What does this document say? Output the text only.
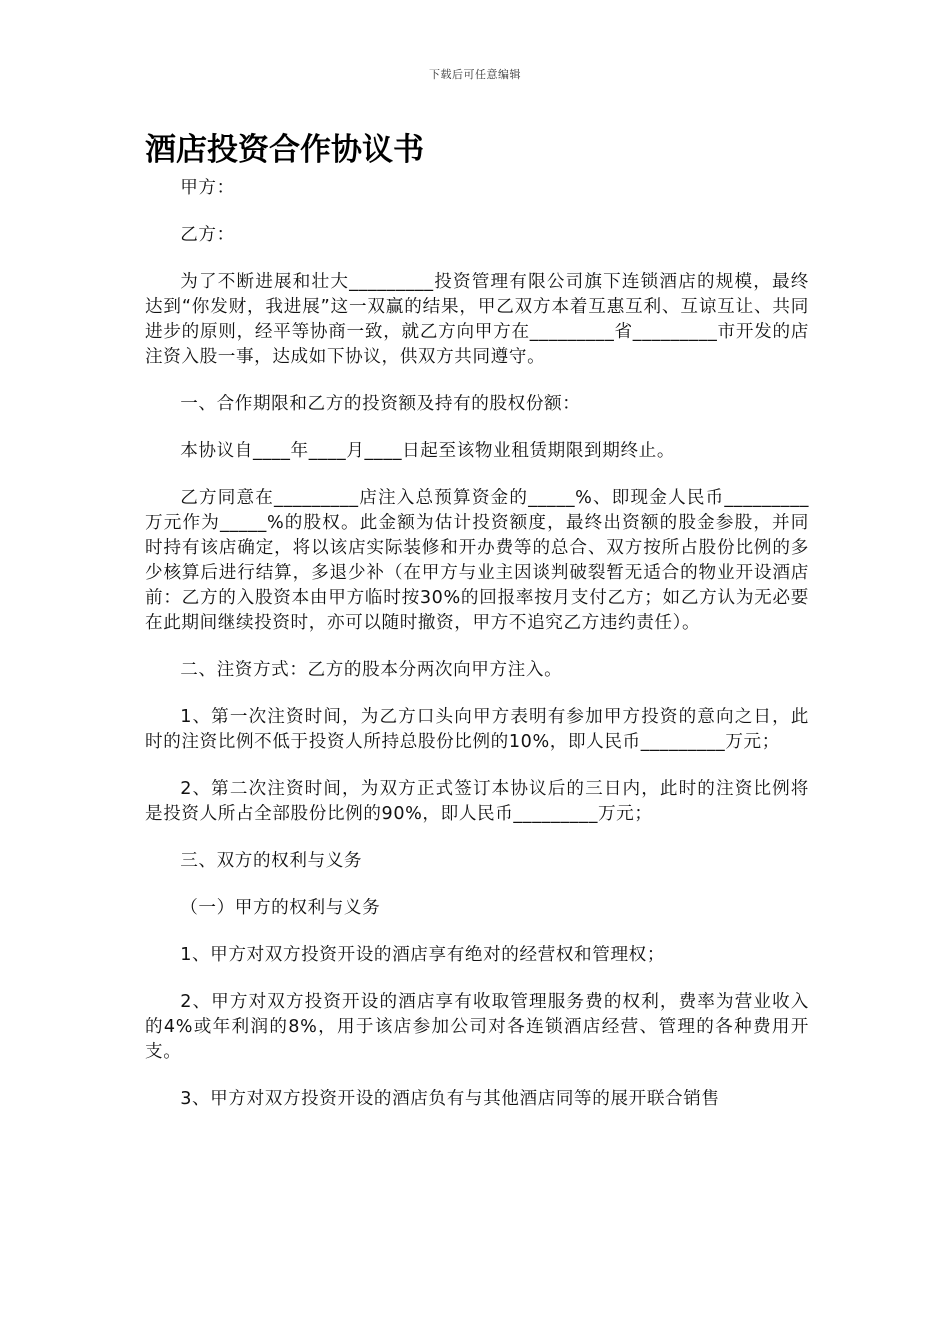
下载后可任意编辑
酒店投资合作协议书

甲方：

乙方：

为了不断进展和壮大_________投资管理有限公司旗下连锁酒店的规模，最终达到“你发财，我进展”这一双赢的结果，甲乙双方本着互惠互利、互谅互让、共同进步的原则，经平等协商一致，就乙方向甲方在_________省_________市开发的店注资入股一事，达成如下协议，供双方共同遵守。

一、合作期限和乙方的投资额及持有的股权份额：

本协议自____年____月____日起至该物业租赁期限到期终止。

乙方同意在_________店注入总预算资金的_____%、即现金人民币_________万元作为_____%的股权。此金额为估计投资额度，最终出资额的股金参股，并同时持有该店确定，将以该店实际装修和开办费等的总合、双方按所占股份比例的多少核算后进行结算，多退少补（在甲方与业主因谈判破裂暂无适合的物业开设酒店前：乙方的入股资本由甲方临时按30%的回报率按月支付乙方；如乙方认为无必要在此期间继续投资时，亦可以随时撤资，甲方不追究乙方违约责任）。

二、注资方式：乙方的股本分两次向甲方注入。

1、第一次注资时间，为乙方口头向甲方表明有参加甲方投资的意向之日，此时的注资比例不低于投资人所持总股份比例的10%，即人民币_________万元；

2、第二次注资时间，为双方正式签订本协议后的三日内，此时的注资比例将是投资人所占全部股份比例的90%，即人民币_________万元；

三、双方的权利与义务

（一）甲方的权利与义务

1、甲方对双方投资开设的酒店享有绝对的经营权和管理权；

2、甲方对双方投资开设的酒店享有收取管理服务费的权利，费率为营业收入的4%或年利润的8%，用于该店参加公司对各连锁酒店经营、管理的各种费用开支。

3、甲方对双方投资开设的酒店负有与其他酒店同等的展开联合销售
